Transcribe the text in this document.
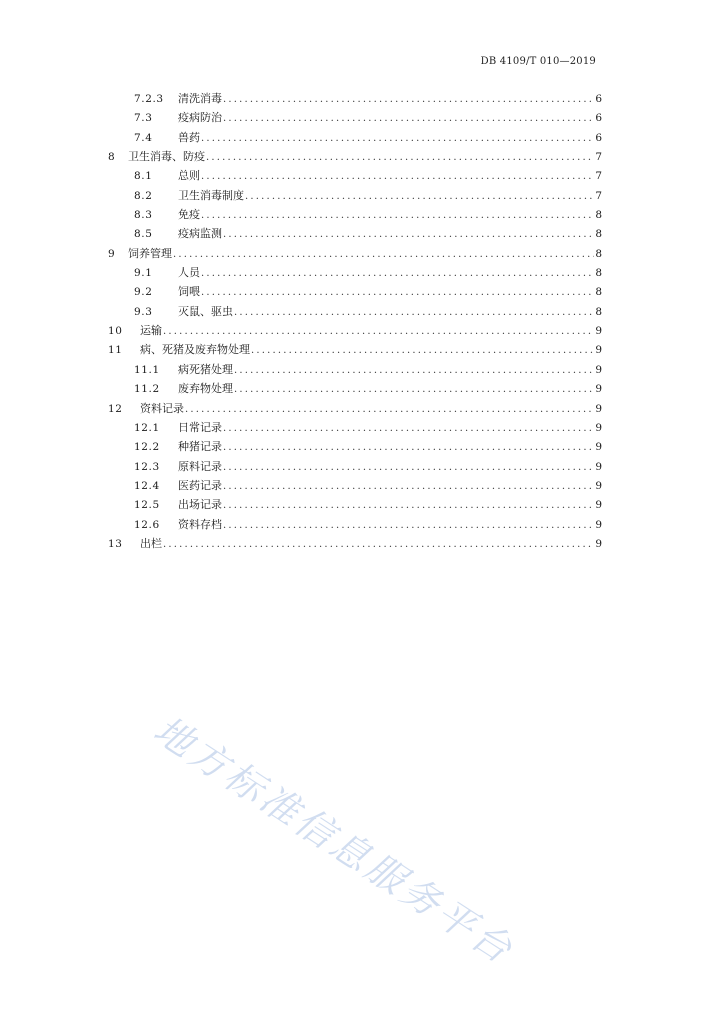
DB 4109/T 010—2019
7.2.3	清洗消毒 .....	6
7.3	疫病防治 .....	6
7.4	兽药 .....	6
8	卫生消毒、防疫 .....	7
8.1	总则 .....	7
8.2	卫生消毒制度 .....	7
8.3	免疫 .....	8
8.5	疫病监测 .....	8
9	饲养管理 .....	8
9.1	人员 .....	8
9.2	饲喂 .....	8
9.3	灭鼠、驱虫 .....	8
10	运输 .....	9
11	病、死猪及废弃物处理 .....	9
11.1	病死猪处理 .....	9
11.2	废弃物处理 .....	9
12	资料记录 .....	9
12.1	日常记录 .....	9
12.2	种猪记录 .....	9
12.3	原料记录 .....	9
12.4	医药记录 .....	9
12.5	出场记录 .....	9
12.6	资料存档 .....	9
13	出栏 .....	9
地方标准信息服务平台
